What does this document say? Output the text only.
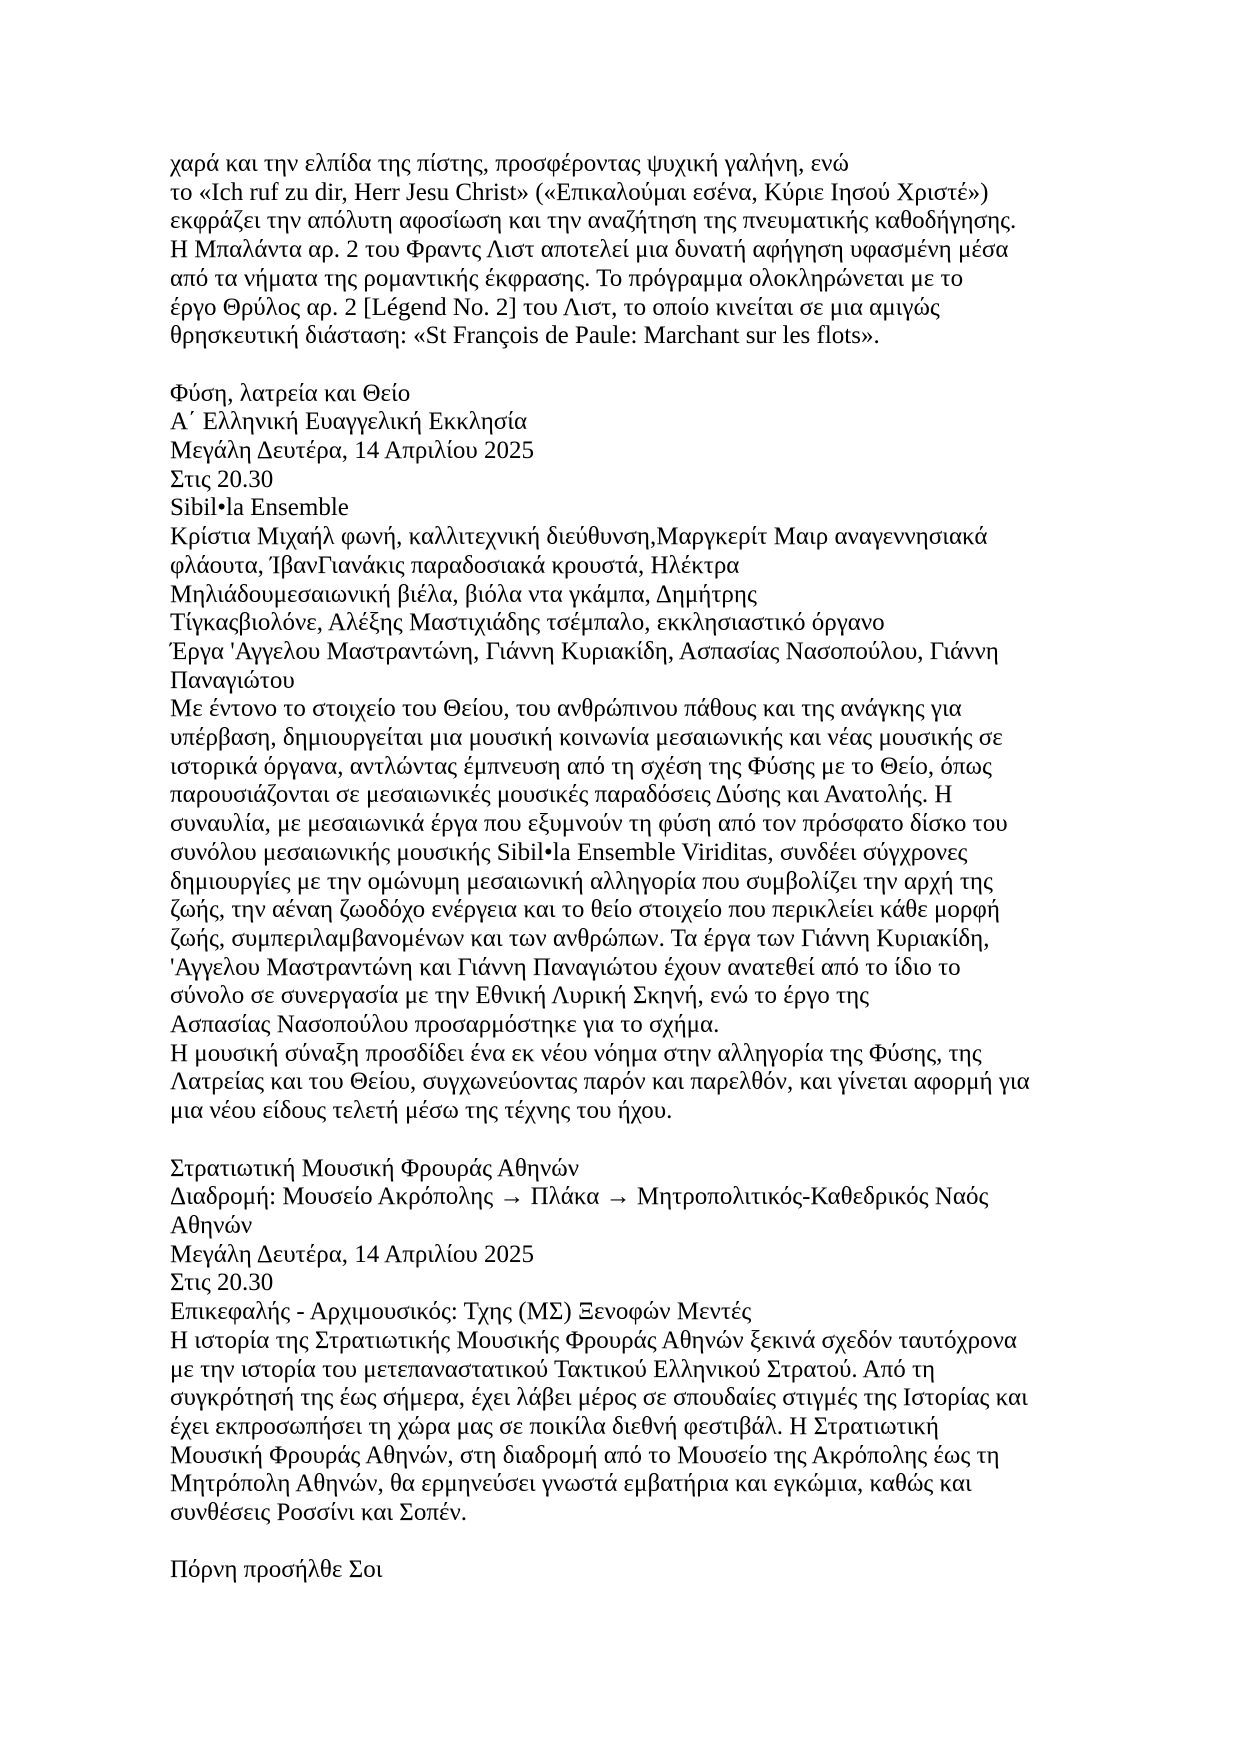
χαρά και την ελπίδα της πίστης, προσφέροντας ψυχική γαλήνη, ενώ
το «Ich ruf zu dir, Herr Jesu Christ» («Επικαλούμαι εσένα, Κύριε Ιησού Χριστέ»)
εκφράζει την απόλυτη αφοσίωση και την αναζήτηση της πνευματικής καθοδήγησης.
Η Μπαλάντα αρ. 2 του Φραντς Λιστ αποτελεί μια δυνατή αφήγηση υφασμένη μέσα
από τα νήματα της ρομαντικής έκφρασης. Το πρόγραμμα ολοκληρώνεται με το
έργο Θρύλος αρ. 2 [Légend No. 2] του Λιστ, το οποίο κινείται σε μια αμιγώς
θρησκευτική διάσταση: «St François de Paule: Marchant sur les flots».
Φύση, λατρεία και Θείο
Α΄ Ελληνική Ευαγγελική Εκκλησία
Μεγάλη Δευτέρα, 14 Απριλίου 2025
Στις 20.30
Sibil•la Ensemble
Κρίστια Μιχαήλ φωνή, καλλιτεχνική διεύθυνση,Μαργκερίτ Μαιρ αναγεννησιακά
φλάουτα, ΊβανΓιανάκις παραδοσιακά κρουστά, Ηλέκτρα
Μηλιάδουμεσαιωνική βιέλα, βιόλα ντα γκάμπα, Δημήτρης
Τίγκαςβιολόνε, Αλέξης Μαστιχιάδης τσέμπαλο, εκκλησιαστικό όργανο
Έργα 'Αγγελου Μαστραντώνη, Γιάννη Κυριακίδη, Ασπασίας Νασοπούλου, Γιάννη
Παναγιώτου
Με έντονο το στοιχείο του Θείου, του ανθρώπινου πάθους και της ανάγκης για
υπέρβαση, δημιουργείται μια μουσική κοινωνία μεσαιωνικής και νέας μουσικής σε
ιστορικά όργανα, αντλώντας έμπνευση από τη σχέση της Φύσης με το Θείο, όπως
παρουσιάζονται σε μεσαιωνικές μουσικές παραδόσεις Δύσης και Ανατολής. Η
συναυλία, με μεσαιωνικά έργα που εξυμνούν τη φύση από τον πρόσφατο δίσκο του
συνόλου μεσαιωνικής μουσικής Sibil•la Ensemble Viriditas, συνδέει σύγχρονες
δημιουργίες με την ομώνυμη μεσαιωνική αλληγορία που συμβολίζει την αρχή της
ζωής, την αέναη ζωοδόχο ενέργεια και το θείο στοιχείο που περικλείει κάθε μορφή
ζωής, συμπεριλαμβανομένων και των ανθρώπων. Τα έργα των Γιάννη Κυριακίδη,
'Αγγελου Μαστραντώνη και Γιάννη Παναγιώτου έχουν ανατεθεί από το ίδιο το
σύνολο σε συνεργασία με την Εθνική Λυρική Σκηνή, ενώ το έργο της
Ασπασίας Νασοπούλου προσαρμόστηκε για το σχήμα.
Η μουσική σύναξη προσδίδει ένα εκ νέου νόημα στην αλληγορία της Φύσης, της
Λατρείας και του Θείου, συγχωνεύοντας παρόν και παρελθόν, και γίνεται αφορμή για
μια νέου είδους τελετή μέσω της τέχνης του ήχου.
Στρατιωτική Μουσική Φρουράς Αθηνών
Διαδρομή: Μουσείο Ακρόπολης → Πλάκα → Μητροπολιτικός-Καθεδρικός Ναός
Αθηνών
Μεγάλη Δευτέρα, 14 Απριλίου 2025
Στις 20.30
Επικεφαλής - Αρχιμουσικός: Τχης (ΜΣ) Ξενοφών Μεντές
Η ιστορία της Στρατιωτικής Μουσικής Φρουράς Αθηνών ξεκινά σχεδόν ταυτόχρονα
με την ιστορία του μετεπαναστατικού Τακτικού Ελληνικού Στρατού. Από τη
συγκρότησή της έως σήμερα, έχει λάβει μέρος σε σπουδαίες στιγμές της Ιστορίας και
έχει εκπροσωπήσει τη χώρα μας σε ποικίλα διεθνή φεστιβάλ. Η Στρατιωτική
Μουσική Φρουράς Αθηνών, στη διαδρομή από το Μουσείο της Ακρόπολης έως τη
Μητρόπολη Αθηνών, θα ερμηνεύσει γνωστά εμβατήρια και εγκώμια, καθώς και
συνθέσεις Ροσσίνι και Σοπέν.
Πόρνη προσήλθε Σοι
